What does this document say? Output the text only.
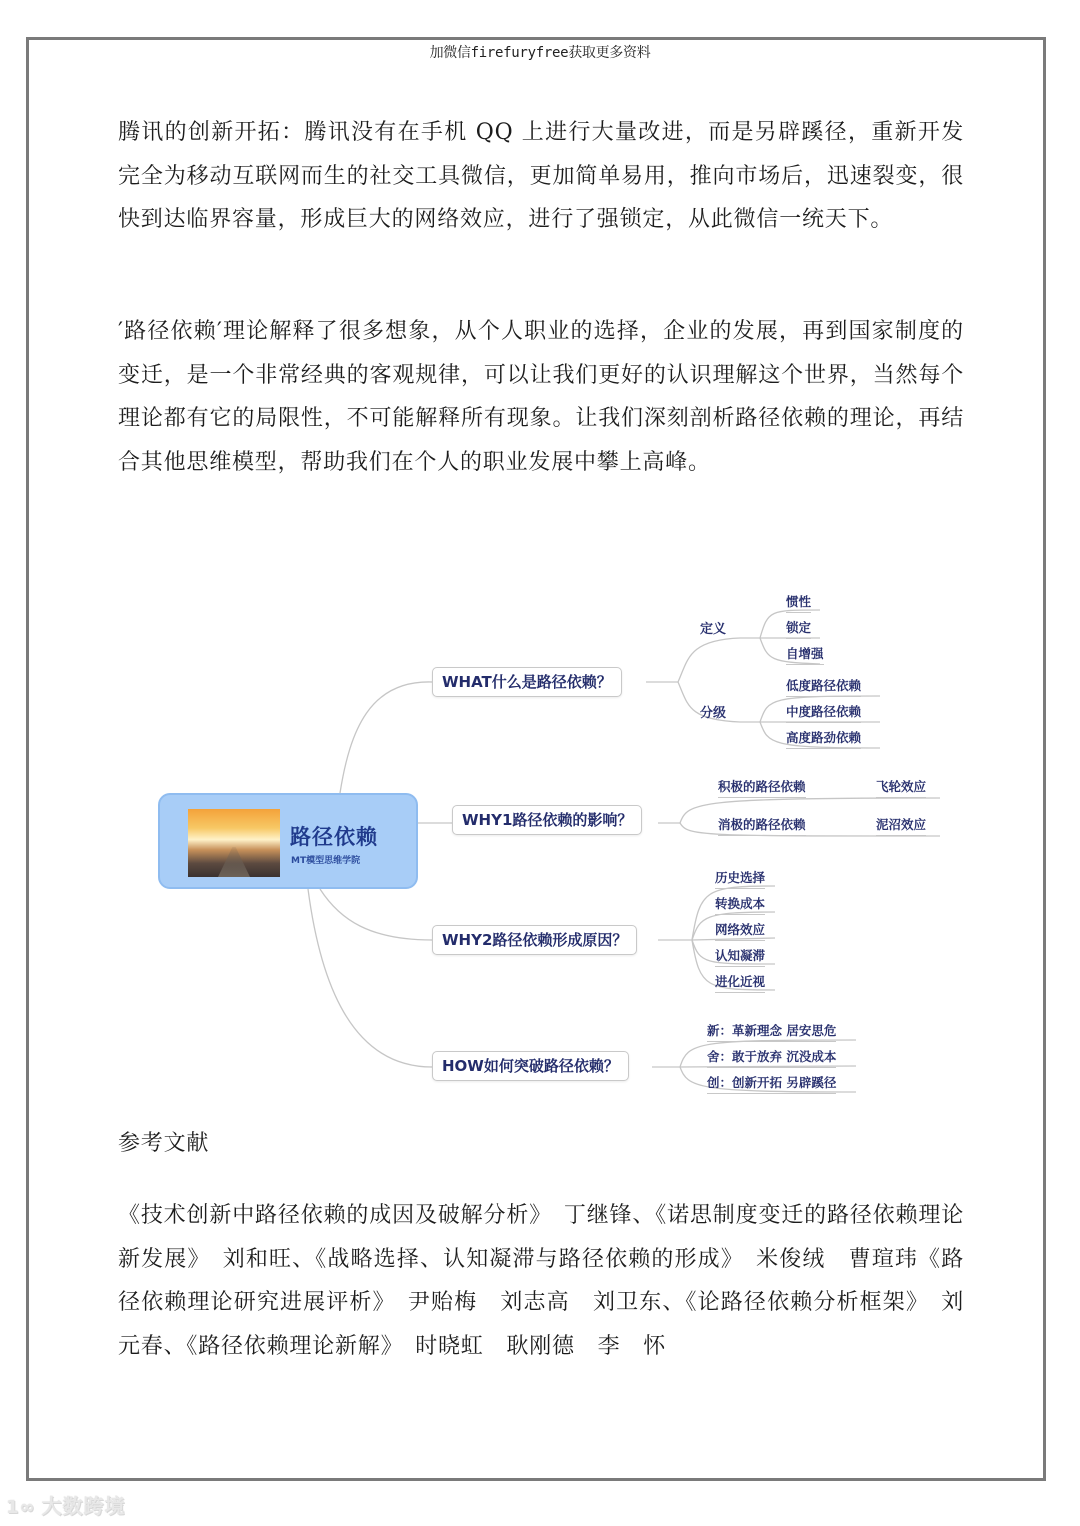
加微信firefuryfree获取更多资料
腾讯的创新开拓：腾讯没有在手机 QQ 上进行大量改进，而是另辟蹊径，重新开发完全为移动互联网而生的社交工具微信，更加简单易用，推向市场后，迅速裂变，很快到达临界容量，形成巨大的网络效应，进行了强锁定，从此微信一统天下。
′路径依赖′理论解释了很多想象，从个人职业的选择，企业的发展，再到国家制度的变迁，是一个非常经典的客观规律，可以让我们更好的认识理解这个世界，当然每个理论都有它的局限性，不可能解释所有现象。让我们深刻剖析路径依赖的理论，再结合其他思维模型，帮助我们在个人的职业发展中攀上高峰。
路径依赖
MT模型思维学院
WHAT什么是路径依赖？
定义
分级
惯性
锁定
自增强
低度路径依赖
中度路径依赖
高度路劲依赖
WHY1路径依赖的影响？
积极的路径依赖	飞轮效应
消极的路径依赖	泥沼效应
WHY2路径依赖形成原因？
历史选择
转换成本
网络效应
认知凝滞
进化近视
HOW如何突破路径依赖？
新：革新理念 居安思危
舍：敢于放弃 沉没成本
创：创新开拓 另辟蹊径
参考文献
《技术创新中路径依赖的成因及破解分析》　丁继锋、《诺思制度变迁的路径依赖理论新发展》　刘和旺、《战略选择、认知凝滞与路径依赖的形成》　米俊绒　曹瑄玮《路径依赖理论研究进展评析》　尹贻梅　刘志高　刘卫东、《论路径依赖分析框架》　刘元春、《路径依赖理论新解》　时晓虹　耿刚德　李　怀
1∞ 大数跨境
